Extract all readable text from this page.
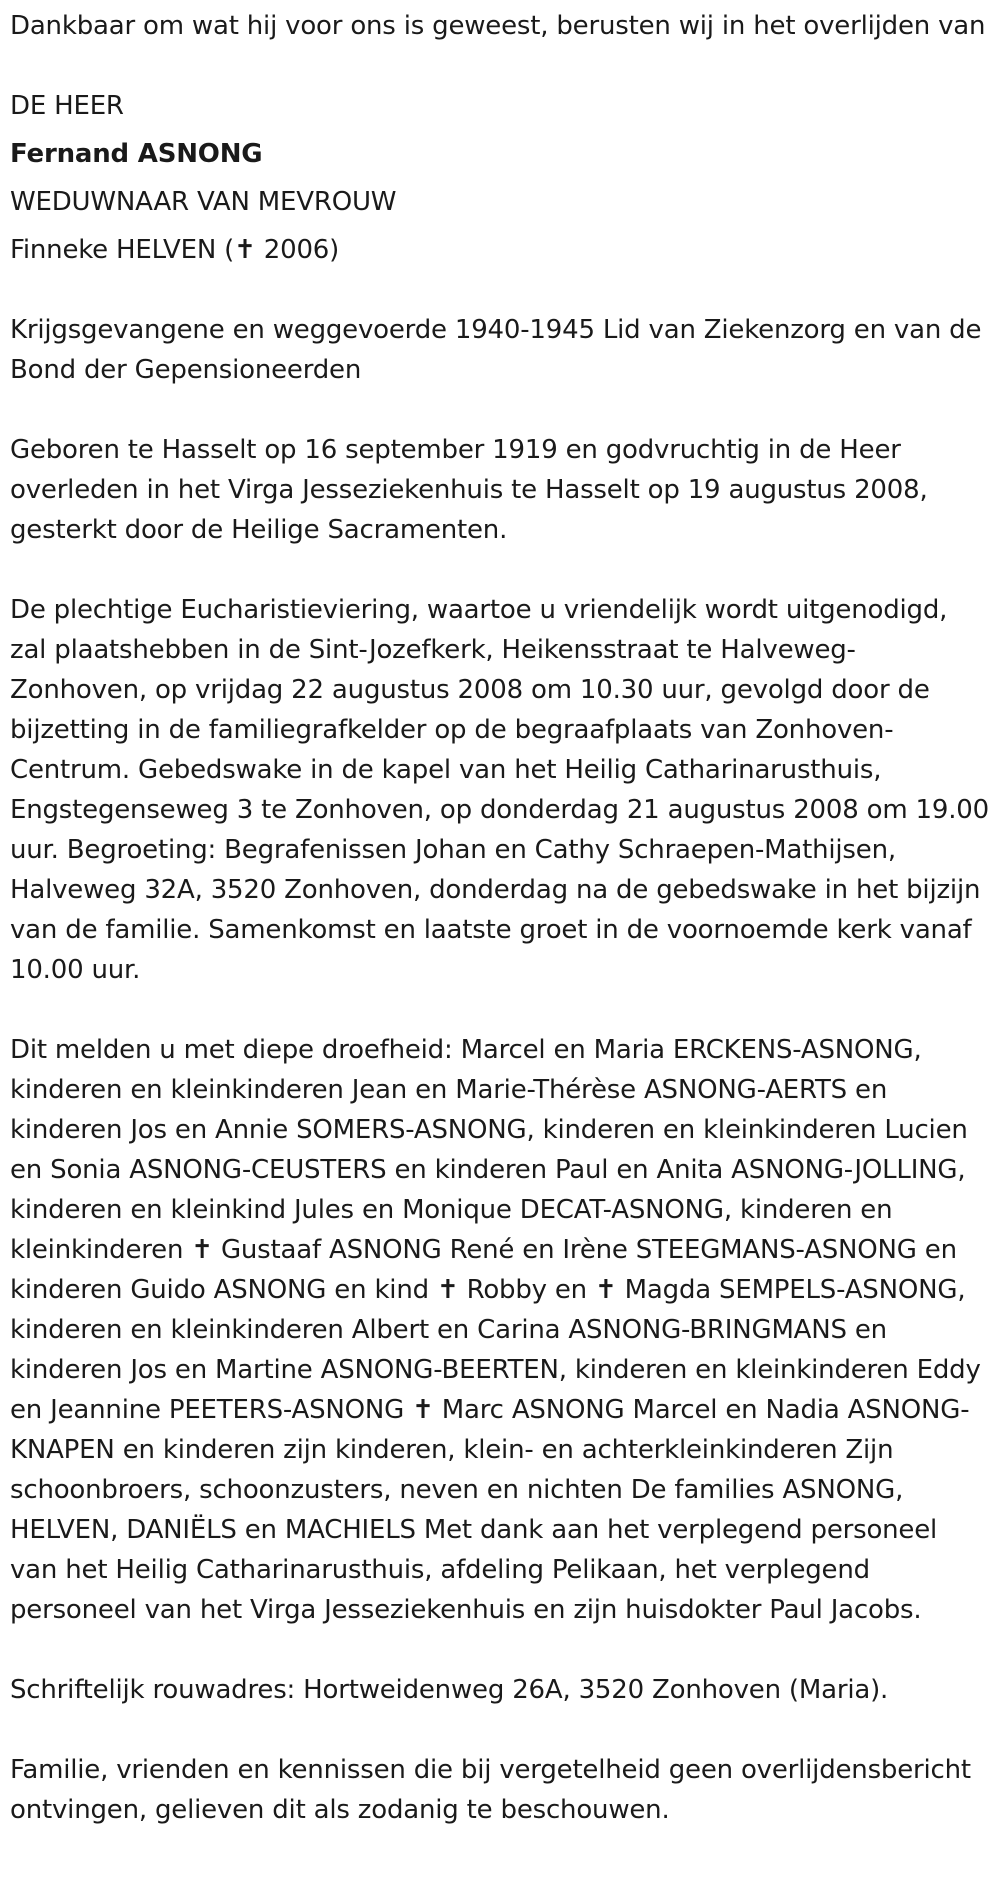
Dankbaar om wat hij voor ons is geweest, berusten wij in het overlijden van

DE HEER

Fernand ASNONG

WEDUWNAAR VAN MEVROUW

Finneke HELVEN (✝ 2006)

Krijgsgevangene en weggevoerde 1940-1945 Lid van Ziekenzorg en van de Bond der Gepensioneerden

Geboren te Hasselt op 16 september 1919 en godvruchtig in de Heer overleden in het Virga Jesseziekenhuis te Hasselt op 19 augustus 2008, gesterkt door de Heilige Sacramenten.

De plechtige Eucharistieviering, waartoe u vriendelijk wordt uitgenodigd, zal plaatshebben in de Sint-Jozefkerk, Heikensstraat te Halveweg-Zonhoven, op vrijdag 22 augustus 2008 om 10.30 uur, gevolgd door de bijzetting in de familiegrafkelder op de begraafplaats van Zonhoven-Centrum. Gebedswake in de kapel van het Heilig Catharinarusthuis, Engstegenseweg 3 te Zonhoven, op donderdag 21 augustus 2008 om 19.00 uur. Begroeting: Begrafenissen Johan en Cathy Schraepen-Mathijsen, Halveweg 32A, 3520 Zonhoven, donderdag na de gebedswake in het bijzijn van de familie. Samenkomst en laatste groet in de voornoemde kerk vanaf 10.00 uur.

Dit melden u met diepe droefheid: Marcel en Maria ERCKENS-ASNONG, kinderen en kleinkinderen Jean en Marie-Thérèse ASNONG-AERTS en kinderen Jos en Annie SOMERS-ASNONG, kinderen en kleinkinderen Lucien en Sonia ASNONG-CEUSTERS en kinderen Paul en Anita ASNONG-JOLLING, kinderen en kleinkind Jules en Monique DECAT-ASNONG, kinderen en kleinkinderen ✝ Gustaaf ASNONG René en Irène STEEGMANS-ASNONG en kinderen Guido ASNONG en kind ✝ Robby en ✝ Magda SEMPELS-ASNONG, kinderen en kleinkinderen Albert en Carina ASNONG-BRINGMANS en kinderen Jos en Martine ASNONG-BEERTEN, kinderen en kleinkinderen Eddy en Jeannine PEETERS-ASNONG ✝ Marc ASNONG Marcel en Nadia ASNONG-KNAPEN en kinderen zijn kinderen, klein- en achterkleinkinderen Zijn schoonbroers, schoonzusters, neven en nichten De families ASNONG, HELVEN, DANIËLS en MACHIELS Met dank aan het verplegend personeel van het Heilig Catharinarusthuis, afdeling Pelikaan, het verplegend personeel van het Virga Jesseziekenhuis en zijn huisdokter Paul Jacobs.

Schriftelijk rouwadres: Hortweidenweg 26A, 3520 Zonhoven (Maria).

Familie, vrienden en kennissen die bij vergetelheid geen overlijdensbericht ontvingen, gelieven dit als zodanig te beschouwen.
